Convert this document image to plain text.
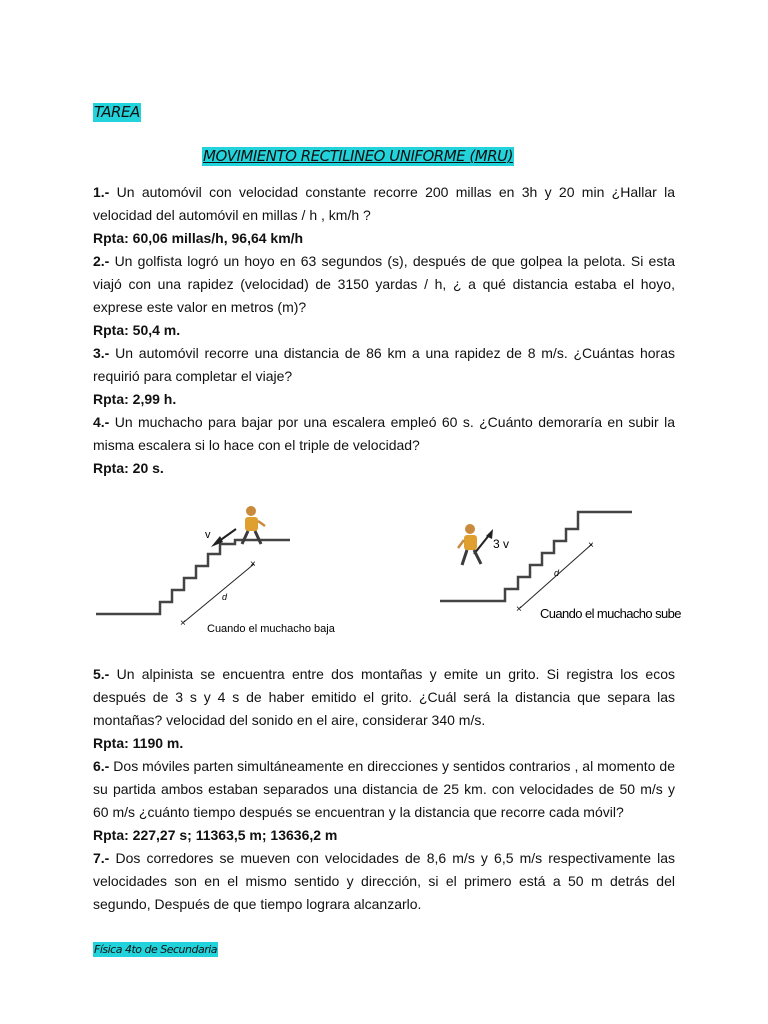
TAREA
MOVIMIENTO RECTILINEO UNIFORME (MRU)

1.- Un automóvil con velocidad constante recorre 200 millas en 3h y 20 min ¿Hallar la velocidad del automóvil en millas / h , km/h ?

Rpta: 60,06 millas/h, 96,64 km/h

2.- Un golfista logró un hoyo en 63 segundos (s), después de que golpea la pelota. Si esta viajó con una rapidez (velocidad) de 3150 yardas / h, ¿ a qué distancia estaba el hoyo, exprese este valor en metros (m)?

Rpta: 50,4 m.

3.- Un automóvil recorre una distancia de 86 km a una rapidez de 8 m/s. ¿Cuántas horas requirió para completar el viaje?

Rpta: 2,99 h.

4.- Un muchacho para bajar por una escalera empleó 60 s. ¿Cuánto demoraría en subir la misma escalera si lo hace con el triple de velocidad?

Rpta: 20 s.

×
×
d
v
Cuando el muchacho baja
×
×
d
3 v
Cuando el muchacho sube

5.- Un alpinista se encuentra entre dos montañas y emite un grito. Si registra los ecos después de 3 s y 4 s de haber emitido el grito. ¿Cuál será la distancia que separa las montañas? velocidad del sonido en el aire, considerar 340 m/s.

Rpta: 1190 m.

6.- Dos móviles parten simultáneamente en direcciones y sentidos contrarios , al momento de su partida ambos estaban separados una distancia de 25 km. con velocidades de 50 m/s y 60 m/s ¿cuánto tiempo después se encuentran y la distancia que recorre cada móvil?

Rpta: 227,27 s; 11363,5 m; 13636,2 m

7.- Dos corredores se mueven con velocidades de 8,6 m/s y 6,5 m/s respectivamente las velocidades son en el mismo sentido y dirección, si el primero está a 50 m detrás del segundo, Después de que tiempo lograra alcanzarlo.

Física 4to de Secundaria
